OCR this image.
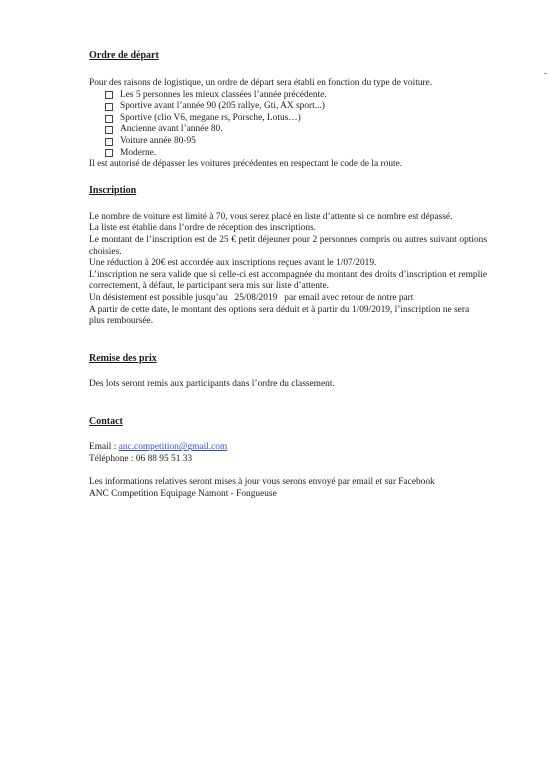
Ordre de départ

Pour des raisons de logistique, un ordre de départ sera établi en fonction du type de voiture.

Les 5 personnes les mieux classées l’année précédente.
Sportive avant l’année 90 (205 rallye, Gti, AX sport...)
Sportive (clio V6, megane rs, Porsche, Lotus…)
Ancienne avant l’année 80.
Voiture année 80-95
Moderne.

Il est autorisé de dépasser les voitures précédentes en respectant le code de la route.

Inscription

Le nombre de voiture est limité à 70, vous serez placé en liste d’attente si ce nombre est dépassé.

La liste est établie dans l’ordre de réception des inscriptions.

Le montant de l’inscription est de 25 € petit déjeuner pour 2 personnes compris ou autres suivant options choisies.

Une réduction à 20€ est accordée aux inscriptions reçues avant le 1/07/2019.

L’inscription ne sera valide que si celle-ci est accompagnée du montant des droits d’inscription et remplie correctement, à défaut, le participant sera mis sur liste d’attente.

Un désistement est possible jusqu’au   25/08/2019   par email avec retour de notre part

A partir de cette date, le montant des options sera déduit et à partir du 1/09/2019, l’inscription ne sera plus remboursée.

Remise des prix

Des lots seront remis aux participants dans l’ordre du classement.

Contact

Email : anc.competition@gmail.com

Téléphone : 06 88 95 51 33

Les informations relatives seront mises à jour vous serons envoyé par email et sur Facebook

ANC Competition Equipage Namont - Fongueuse
